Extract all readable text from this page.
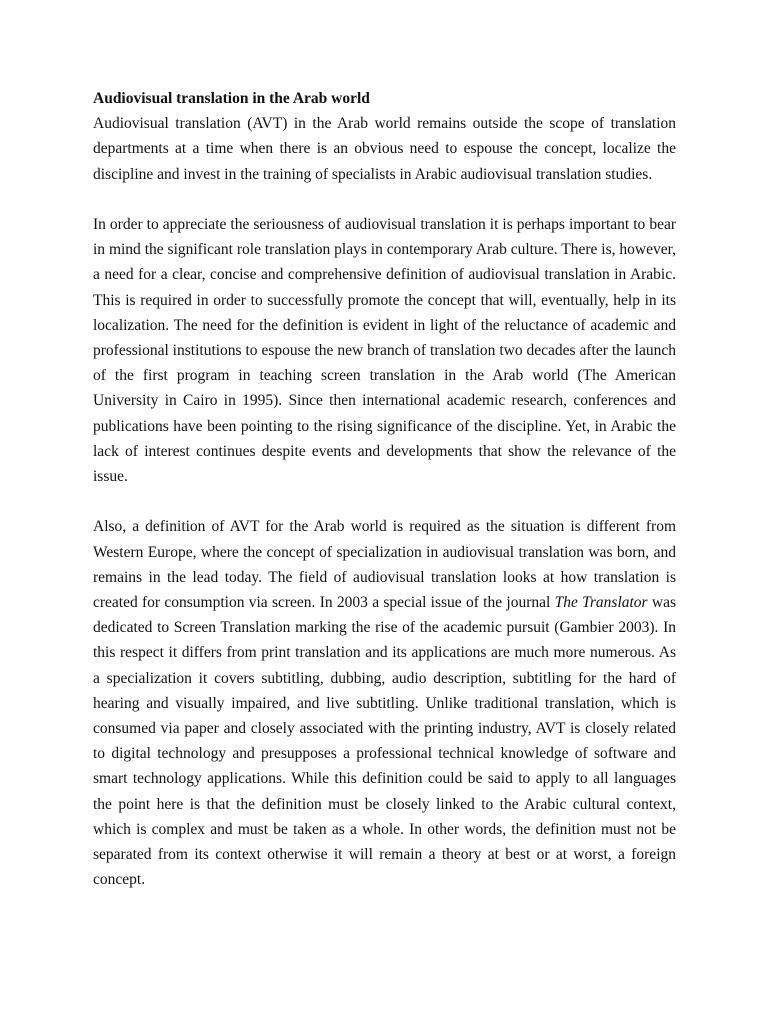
Audiovisual translation in the Arab world

Audiovisual translation (AVT) in the Arab world remains outside the scope of translation departments at a time when there is an obvious need to espouse the concept, localize the discipline and invest in the training of specialists in Arabic audiovisual translation studies.

In order to appreciate the seriousness of audiovisual translation it is perhaps important to bear in mind the significant role translation plays in contemporary Arab culture. There is, however, a need for a clear, concise and comprehensive definition of audiovisual translation in Arabic. This is required in order to successfully promote the concept that will, eventually, help in its localization. The need for the definition is evident in light of the reluctance of academic and professional institutions to espouse the new branch of translation two decades after the launch of the first program in teaching screen translation in the Arab world (The American University in Cairo in 1995). Since then international academic research, conferences and publications have been pointing to the rising significance of the discipline. Yet, in Arabic the lack of interest continues despite events and developments that show the relevance of the issue.

Also, a definition of AVT for the Arab world is required as the situation is different from Western Europe, where the concept of specialization in audiovisual translation was born, and remains in the lead today. The field of audiovisual translation looks at how translation is created for consumption via screen. In 2003 a special issue of the journal The Translator was dedicated to Screen Translation marking the rise of the academic pursuit (Gambier 2003). In this respect it differs from print translation and its applications are much more numerous. As a specialization it covers subtitling, dubbing, audio description, subtitling for the hard of hearing and visually impaired, and live subtitling. Unlike traditional translation, which is consumed via paper and closely associated with the printing industry, AVT is closely related to digital technology and presupposes a professional technical knowledge of software and smart technology applications. While this definition could be said to apply to all languages the point here is that the definition must be closely linked to the Arabic cultural context, which is complex and must be taken as a whole. In other words, the definition must not be separated from its context otherwise it will remain a theory at best or at worst, a foreign concept.
